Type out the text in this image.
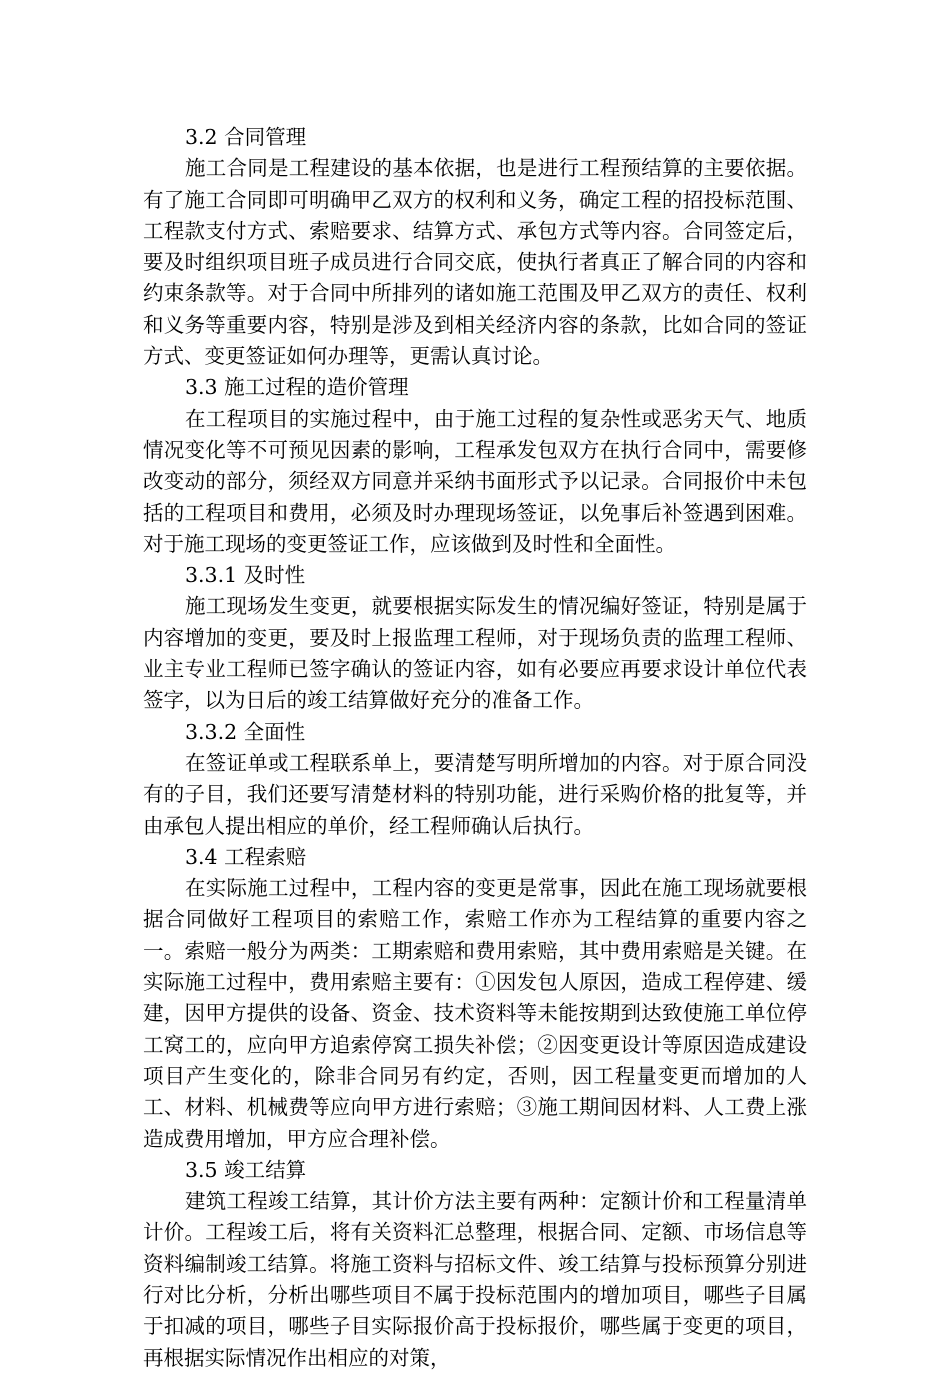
3.2 合同管理

施工合同是工程建设的基本依据，也是进行工程预结算的主要依据。有了施工合同即可明确甲乙双方的权利和义务，确定工程的招投标范围、工程款支付方式、索赔要求、结算方式、承包方式等内容。合同签定后，要及时组织项目班子成员进行合同交底，使执行者真正了解合同的内容和约束条款等。对于合同中所排列的诸如施工范围及甲乙双方的责任、权利和义务等重要内容，特别是涉及到相关经济内容的条款，比如合同的签证方式、变更签证如何办理等，更需认真讨论。

3.3 施工过程的造价管理

在工程项目的实施过程中，由于施工过程的复杂性或恶劣天气、地质情况变化等不可预见因素的影响，工程承发包双方在执行合同中，需要修改变动的部分，须经双方同意并采纳书面形式予以记录。合同报价中未包括的工程项目和费用，必须及时办理现场签证，以免事后补签遇到困难。对于施工现场的变更签证工作，应该做到及时性和全面性。

3.3.1 及时性

施工现场发生变更，就要根据实际发生的情况编好签证，特别是属于内容增加的变更，要及时上报监理工程师，对于现场负责的监理工程师、业主专业工程师已签字确认的签证内容，如有必要应再要求设计单位代表签字，以为日后的竣工结算做好充分的准备工作。

3.3.2 全面性

在签证单或工程联系单上，要清楚写明所增加的内容。对于原合同没有的子目，我们还要写清楚材料的特别功能，进行采购价格的批复等，并由承包人提出相应的单价，经工程师确认后执行。

3.4 工程索赔

在实际施工过程中，工程内容的变更是常事，因此在施工现场就要根据合同做好工程项目的索赔工作，索赔工作亦为工程结算的重要内容之一。索赔一般分为两类：工期索赔和费用索赔，其中费用索赔是关键。在实际施工过程中，费用索赔主要有：①因发包人原因，造成工程停建、缓建，因甲方提供的设备、资金、技术资料等未能按期到达致使施工单位停工窝工的，应向甲方追索停窝工损失补偿；②因变更设计等原因造成建设项目产生变化的，除非合同另有约定，否则，因工程量变更而增加的人工、材料、机械费等应向甲方进行索赔；③施工期间因材料、人工费上涨造成费用增加，甲方应合理补偿。

3.5 竣工结算

建筑工程竣工结算，其计价方法主要有两种：定额计价和工程量清单计价。工程竣工后，将有关资料汇总整理，根据合同、定额、市场信息等资料编制竣工结算。将施工资料与招标文件、竣工结算与投标预算分别进行对比分析，分析出哪些项目不属于投标范围内的增加项目，哪些子目属于扣减的项目，哪些子目实际报价高于投标报价，哪些属于变更的项目，再根据实际情况作出相应的对策，
